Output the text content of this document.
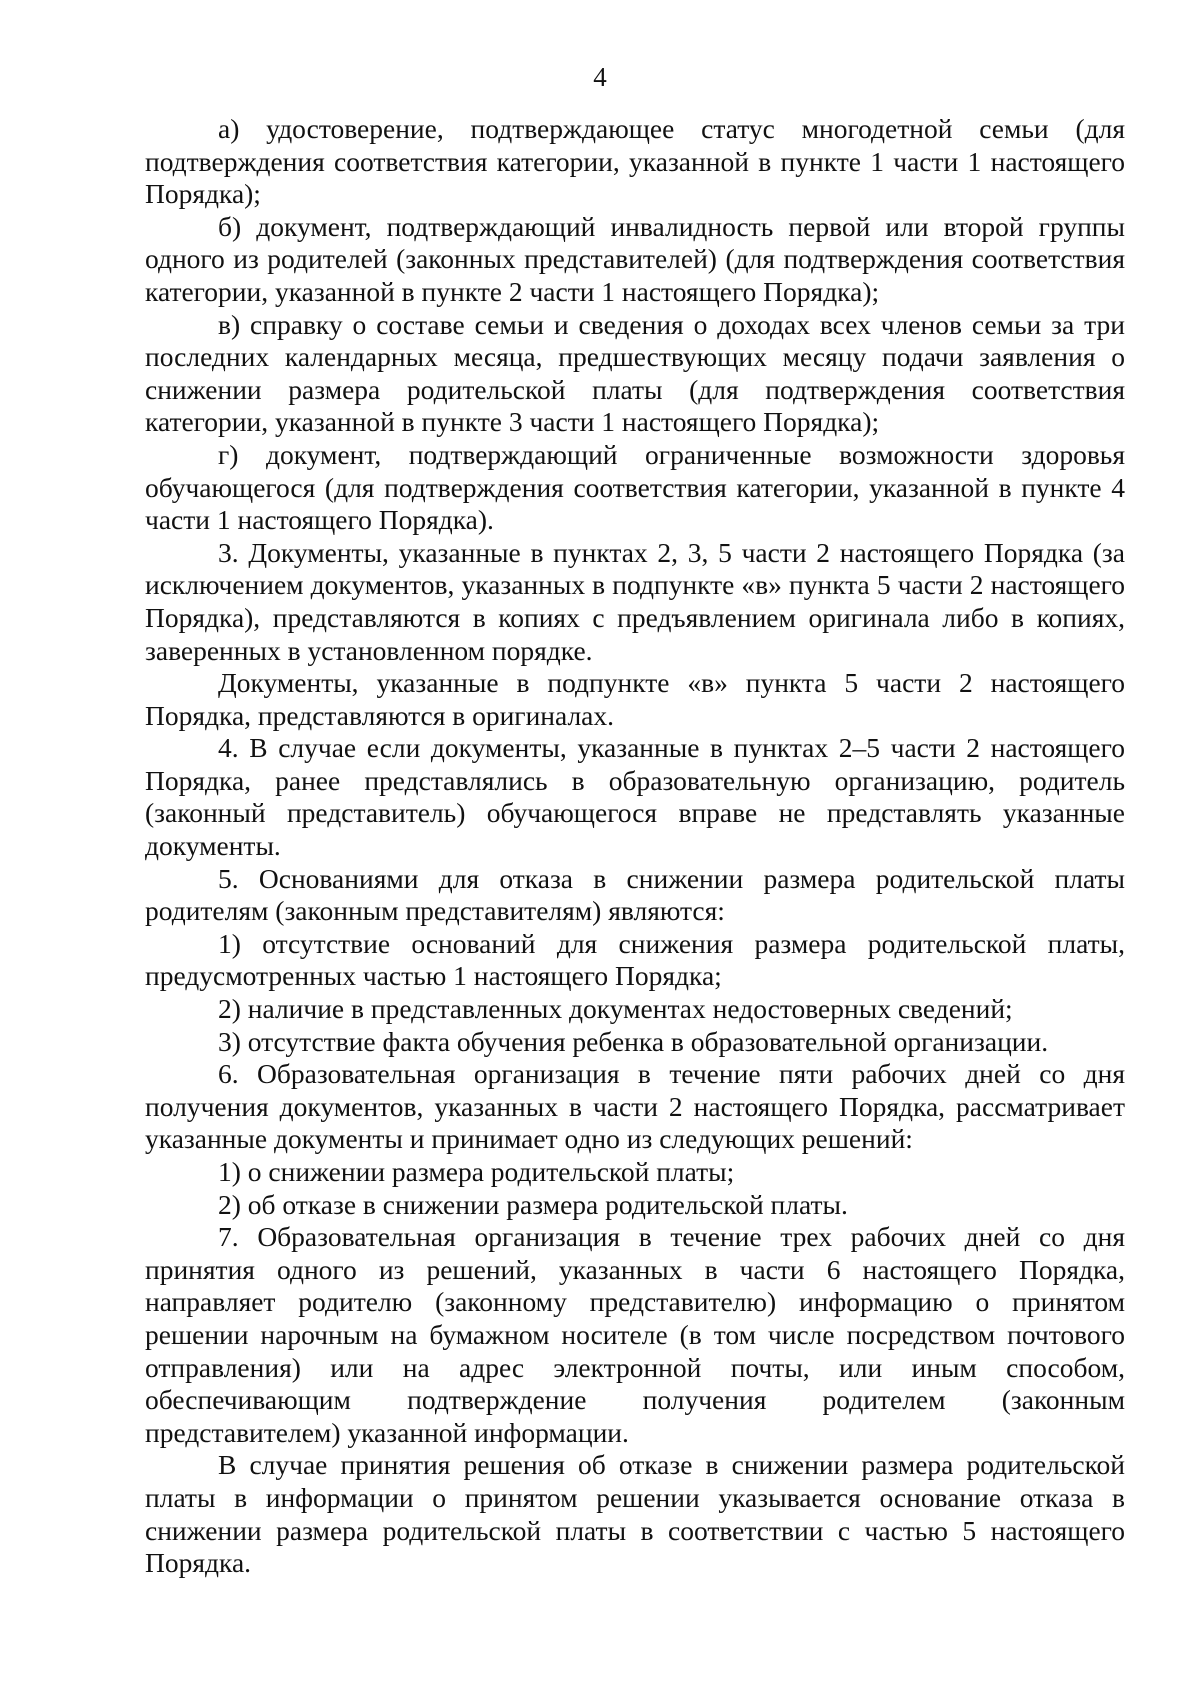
4

а) удостоверение, подтверждающее статус многодетной семьи (для подтверждения соответствия категории, указанной в пункте 1 части 1 настоящего Порядка);

б) документ, подтверждающий инвалидность первой или второй группы одного из родителей (законных представителей) (для подтверждения соответствия категории, указанной в пункте 2 части 1 настоящего Порядка);

в) справку о составе семьи и сведения о доходах всех членов семьи за три последних календарных месяца, предшествующих месяцу подачи заявления о снижении размера родительской платы (для подтверждения соответствия категории, указанной в пункте 3 части 1 настоящего Порядка);

г) документ, подтверждающий ограниченные возможности здоровья обучающегося (для подтверждения соответствия категории, указанной в пункте 4 части 1 настоящего Порядка).

3. Документы, указанные в пунктах 2, 3, 5 части 2 настоящего Порядка (за исключением документов, указанных в подпункте «в» пункта 5 части 2 настоящего Порядка), представляются в копиях с предъявлением оригинала либо в копиях, заверенных в установленном порядке.

Документы, указанные в подпункте «в» пункта 5 части 2 настоящего Порядка, представляются в оригиналах.

4. В случае если документы, указанные в пунктах 2–5 части 2 настоящего Порядка, ранее представлялись в образовательную организацию, родитель (законный представитель) обучающегося вправе не представлять указанные документы.

5. Основаниями для отказа в снижении размера родительской платы родителям (законным представителям) являются:

1) отсутствие оснований для снижения размера родительской платы, предусмотренных частью 1 настоящего Порядка;

2) наличие в представленных документах недостоверных сведений;

3) отсутствие факта обучения ребенка в образовательной организации.

6. Образовательная организация в течение пяти рабочих дней со дня получения документов, указанных в части 2 настоящего Порядка, рассматривает указанные документы и принимает одно из следующих решений:

1) о снижении размера родительской платы;

2) об отказе в снижении размера родительской платы.

7. Образовательная организация в течение трех рабочих дней со дня принятия одного из решений, указанных в части 6 настоящего Порядка, направляет родителю (законному представителю) информацию о принятом решении нарочным на бумажном носителе (в том числе посредством почтового отправления) или на адрес электронной почты, или иным способом, обеспечивающим подтверждение получения родителем (законным представителем) указанной информации.

В случае принятия решения об отказе в снижении размера родительской платы в информации о принятом решении указывается основание отказа в снижении размера родительской платы в соответствии с частью 5 настоящего Порядка.
